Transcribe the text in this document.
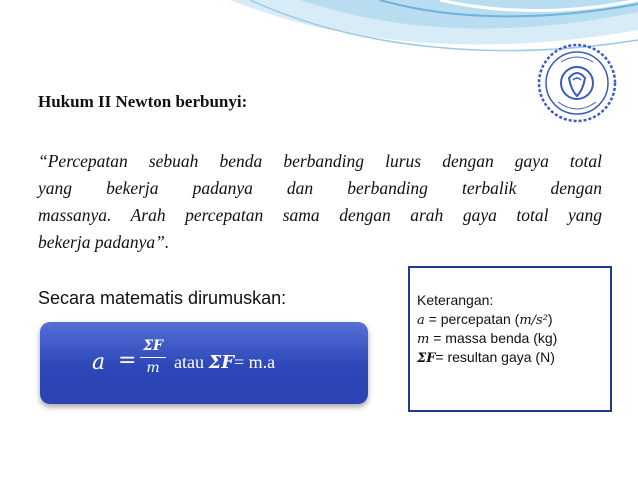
Hukum II Newton berbunyi:
“Percepatan sebuah benda berbanding lurus dengan gaya total
yang bekerja padanya dan berbanding terbalik dengan
massanya. Arah percepatan sama dengan arah gaya total yang
bekerja padanya”.
Secara matematis dirumuskan:
a =
ΣF
m atau ΣF= m.a
Keterangan:
a = percepatan (m/s²)
m = massa benda (kg)
ΣF= resultan gaya (N)
